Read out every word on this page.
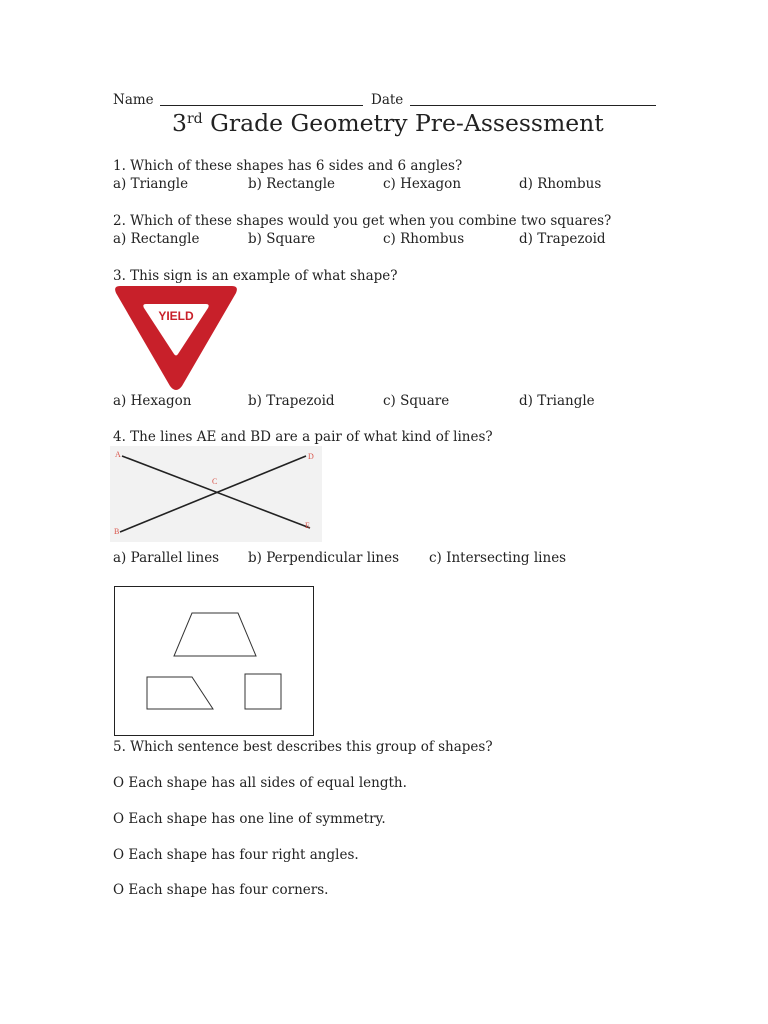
Name	Date
3rd Grade Geometry Pre-Assessment
1. Which of these shapes has 6 sides and 6 angles?
a) Triangle	b) Rectangle	c) Hexagon	d) Rhombus
2. Which of these shapes would you get when you combine two squares?
a) Rectangle	b) Square	c) Rhombus	d) Trapezoid
3. This sign is an example of what shape?
YIELD
a) Hexagon	b) Trapezoid	c) Square	d) Triangle
4. The lines AE and BD are a pair of what kind of lines?
A	D
C
B
E
a) Parallel lines b) Perpendicular lines c) Intersecting lines
5. Which sentence best describes this group of shapes?
O Each shape has all sides of equal length.
O Each shape has one line of symmetry.
O Each shape has four right angles.
O Each shape has four corners.
